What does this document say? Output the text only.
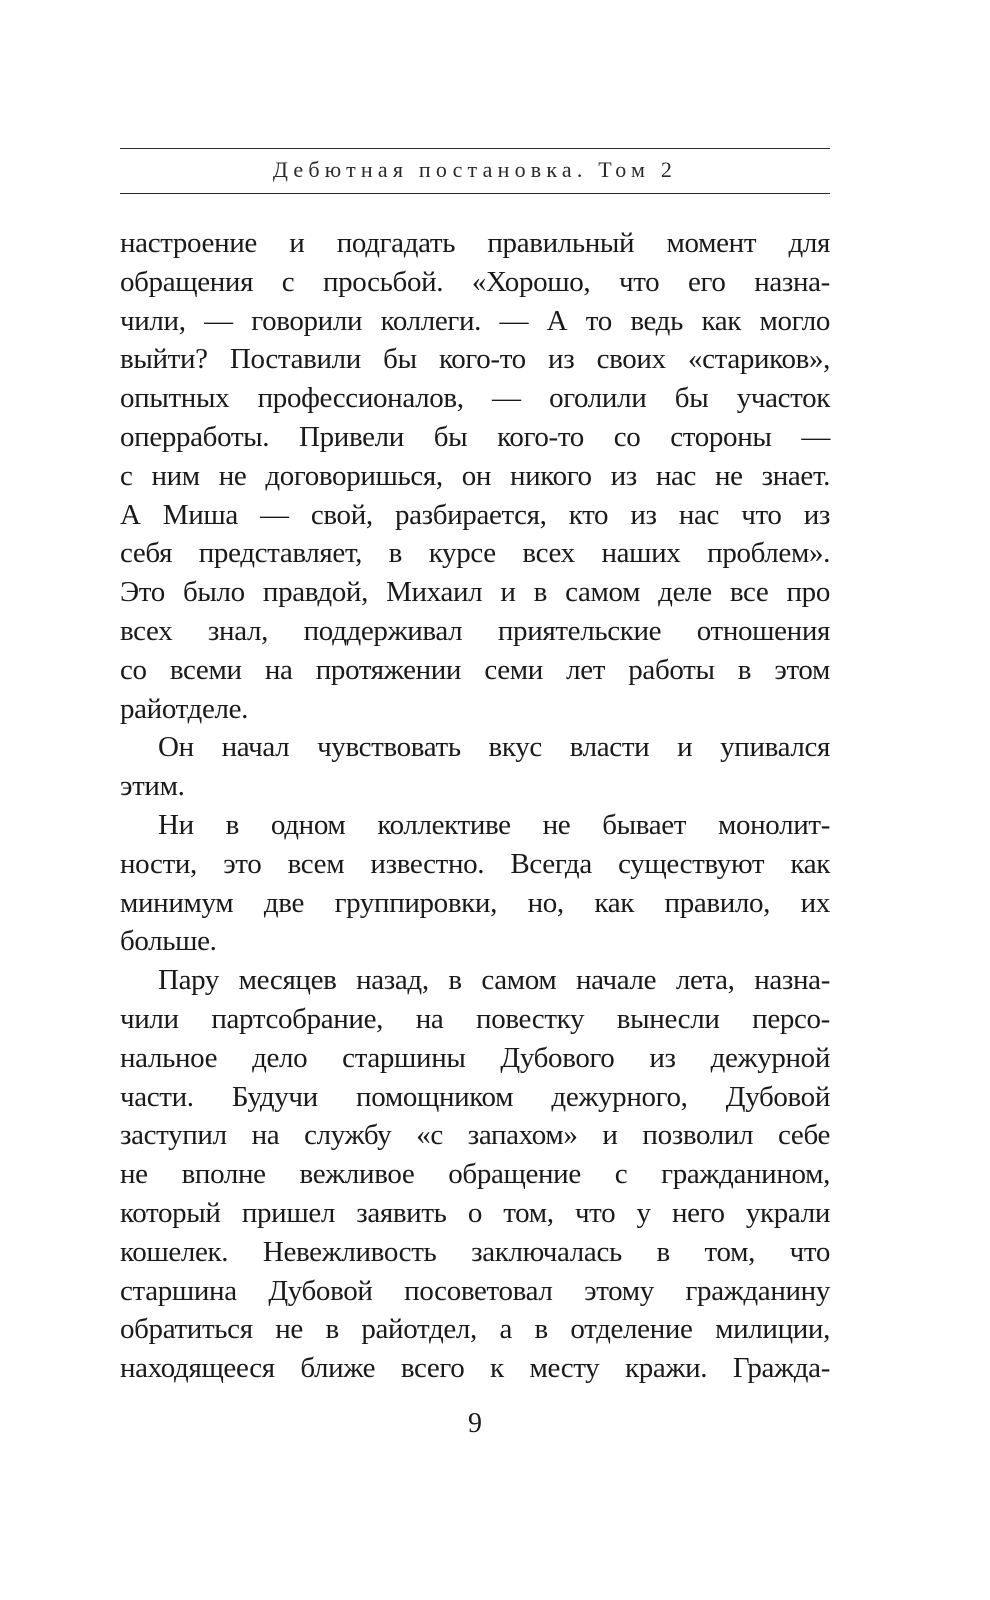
Дебютная постановка. Том 2
настроение и подгадать правильный момент для
обращения с просьбой. «Хорошо, что его назна-
чили, — говорили коллеги. — А то ведь как могло
выйти? Поставили бы кого-то из своих «стариков»,
опытных профессионалов, — оголили бы участок
оперработы. Привели бы кого-то со стороны —
с ним не договоришься, он никого из нас не знает.
А Миша — свой, разбирается, кто из нас что из
себя представляет, в курсе всех наших проблем».
Это было правдой, Михаил и в самом деле все про
всех знал, поддерживал приятельские отношения
со всеми на протяжении семи лет работы в этом
райотделе.
Он начал чувствовать вкус власти и упивался
этим.
Ни в одном коллективе не бывает монолит-
ности, это всем известно. Всегда существуют как
минимум две группировки, но, как правило, их
больше.
Пару месяцев назад, в самом начале лета, назна-
чили партсобрание, на повестку вынесли персо-
нальное дело старшины Дубового из дежурной
части. Будучи помощником дежурного, Дубовой
заступил на службу «с запахом» и позволил себе
не вполне вежливое обращение с гражданином,
который пришел заявить о том, что у него украли
кошелек. Невежливость заключалась в том, что
старшина Дубовой посоветовал этому гражданину
обратиться не в райотдел, а в отделение милиции,
находящееся ближе всего к месту кражи. Гражда-
9
